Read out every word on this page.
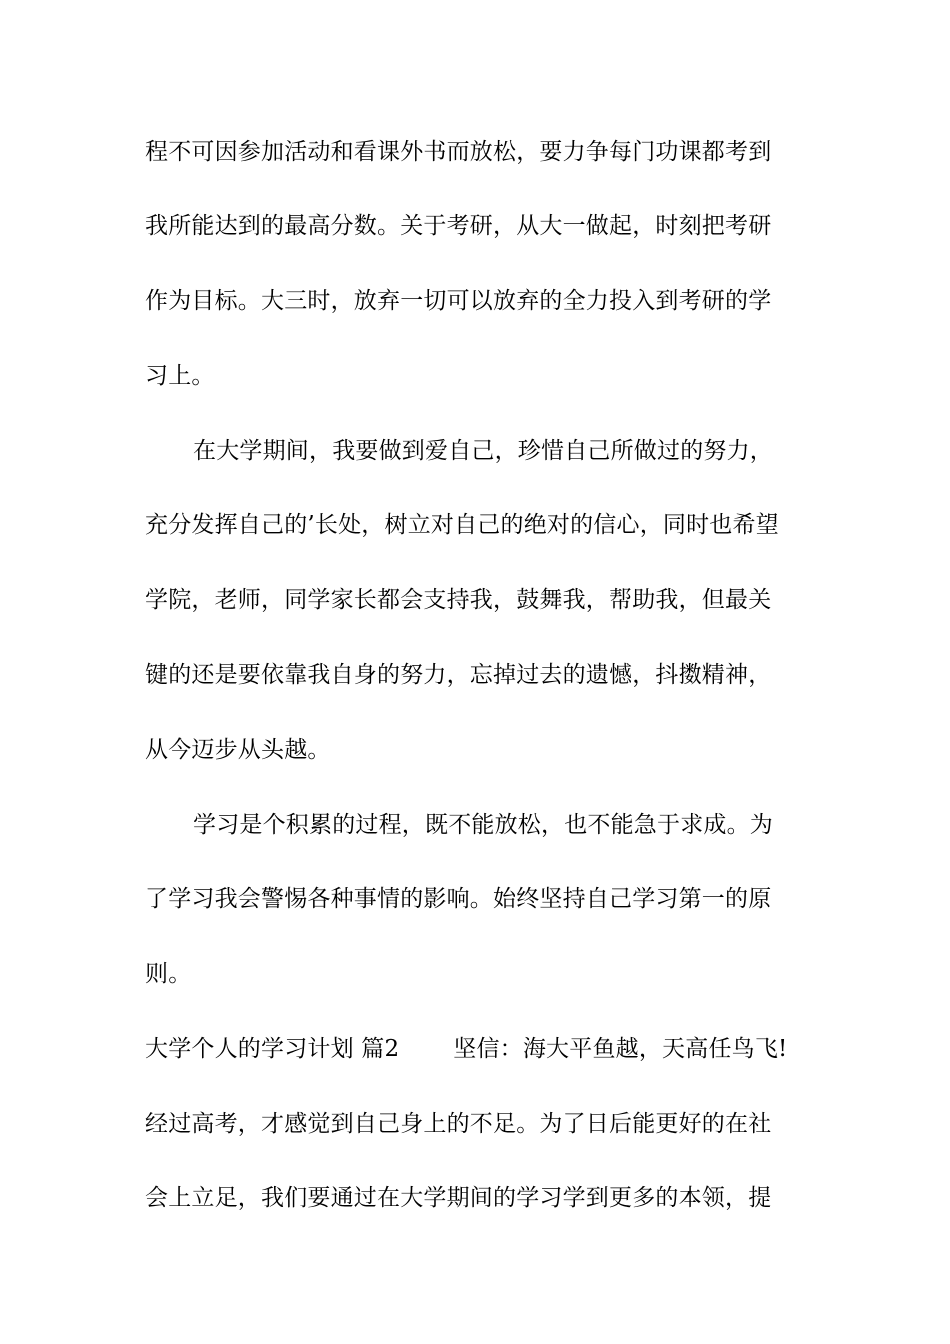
程不可因参加活动和看课外书而放松，要力争每门功课都考到
我所能达到的最高分数。关于考研，从大一做起，时刻把考研
作为目标。大三时，放弃一切可以放弃的全力投入到考研的学
习上。
在大学期间，我要做到爱自己，珍惜自己所做过的努力，
充分发挥自己的’长处，树立对自己的绝对的信心，同时也希望
学院，老师，同学家长都会支持我，鼓舞我，帮助我，但最关
键的还是要依靠我自身的努力，忘掉过去的遗憾，抖擞精神，
从今迈步从头越。
学习是个积累的过程，既不能放松，也不能急于求成。为
了学习我会警惕各种事情的影响。始终坚持自己学习第一的原
则。
大学个人的学习计划 篇2　　 坚信：海大平鱼越，天高任鸟飞!
经过高考，才感觉到自己身上的不足。为了日后能更好的在社
会上立足，我们要通过在大学期间的学习学到更多的本领，提
